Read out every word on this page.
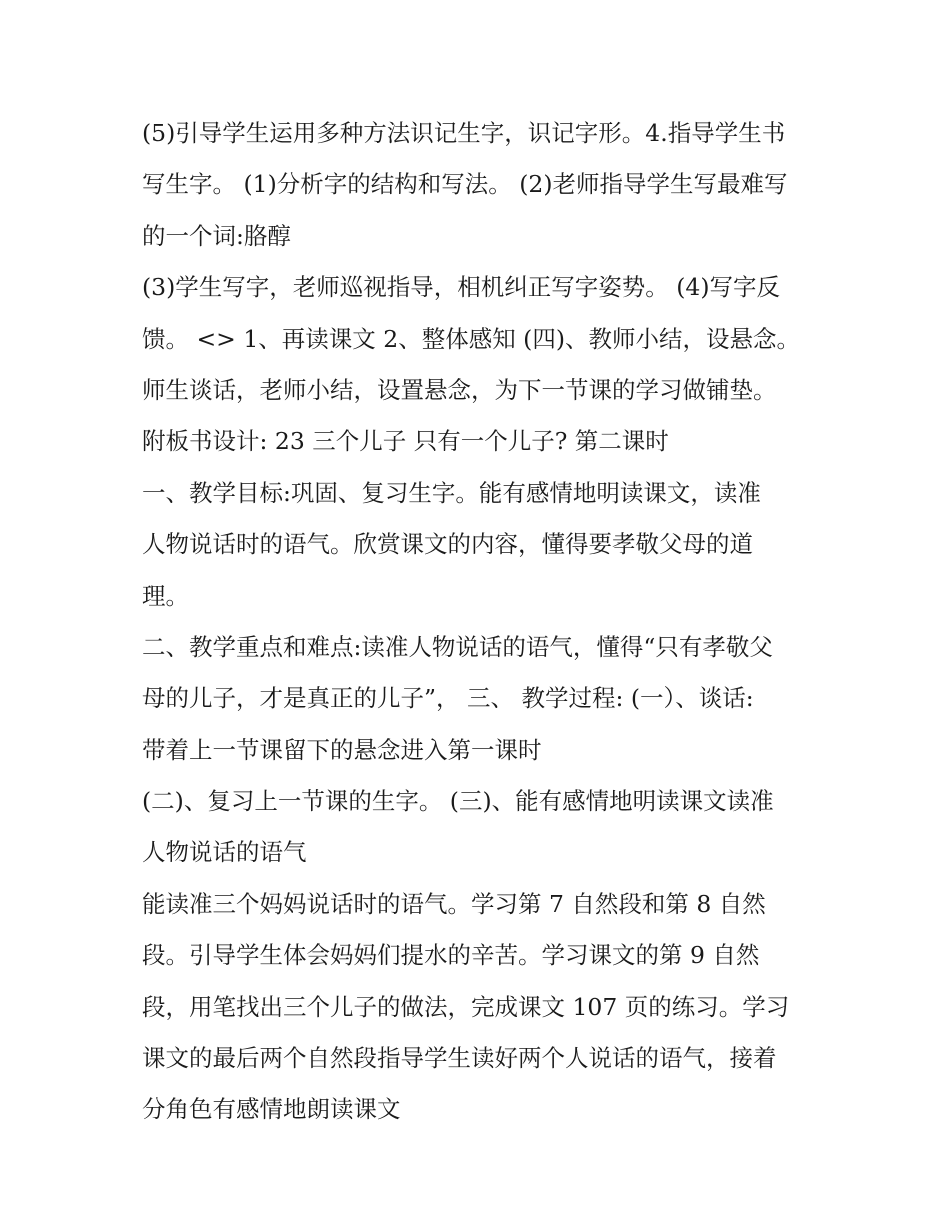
(5)引导学生运用多种方法识记生字，识记字形。4.指导学生书
写生字。 (1)分析字的结构和写法。 (2)老师指导学生写最难写
的一个词:胳醇
(3)学生写字，老师巡视指导，相机纠正写字姿势。 (4)写字反
馈。 <> 1、再读课文 2、整体感知 (四)、教师小结，设悬念。
师生谈话，老师小结，设置悬念，为下一节课的学习做铺垫。
附板书设计: 23 三个儿子 只有一个儿子? 第二课时
一、教学目标:巩固、复习生字。能有感情地明读课文，读准
人物说话时的语气。欣赏课文的内容，懂得要孝敬父母的道
理。
二、教学重点和难点:读准人物说话的语气，懂得“只有孝敬父
母的儿子，才是真正的儿子”， 三、 教学过程: (一）、谈话:
带着上一节课留下的悬念进入第一课时
(二)、复习上一节课的生字。 (三)、能有感情地明读课文读准
人物说话的语气
能读准三个妈妈说话时的语气。学习第 7 自然段和第 8 自然
段。引导学生体会妈妈们提水的辛苦。学习课文的第 9 自然
段，用笔找出三个儿子的做法，完成课文 107 页的练习。学习
课文的最后两个自然段指导学生读好两个人说话的语气，接着
分角色有感情地朗读课文
